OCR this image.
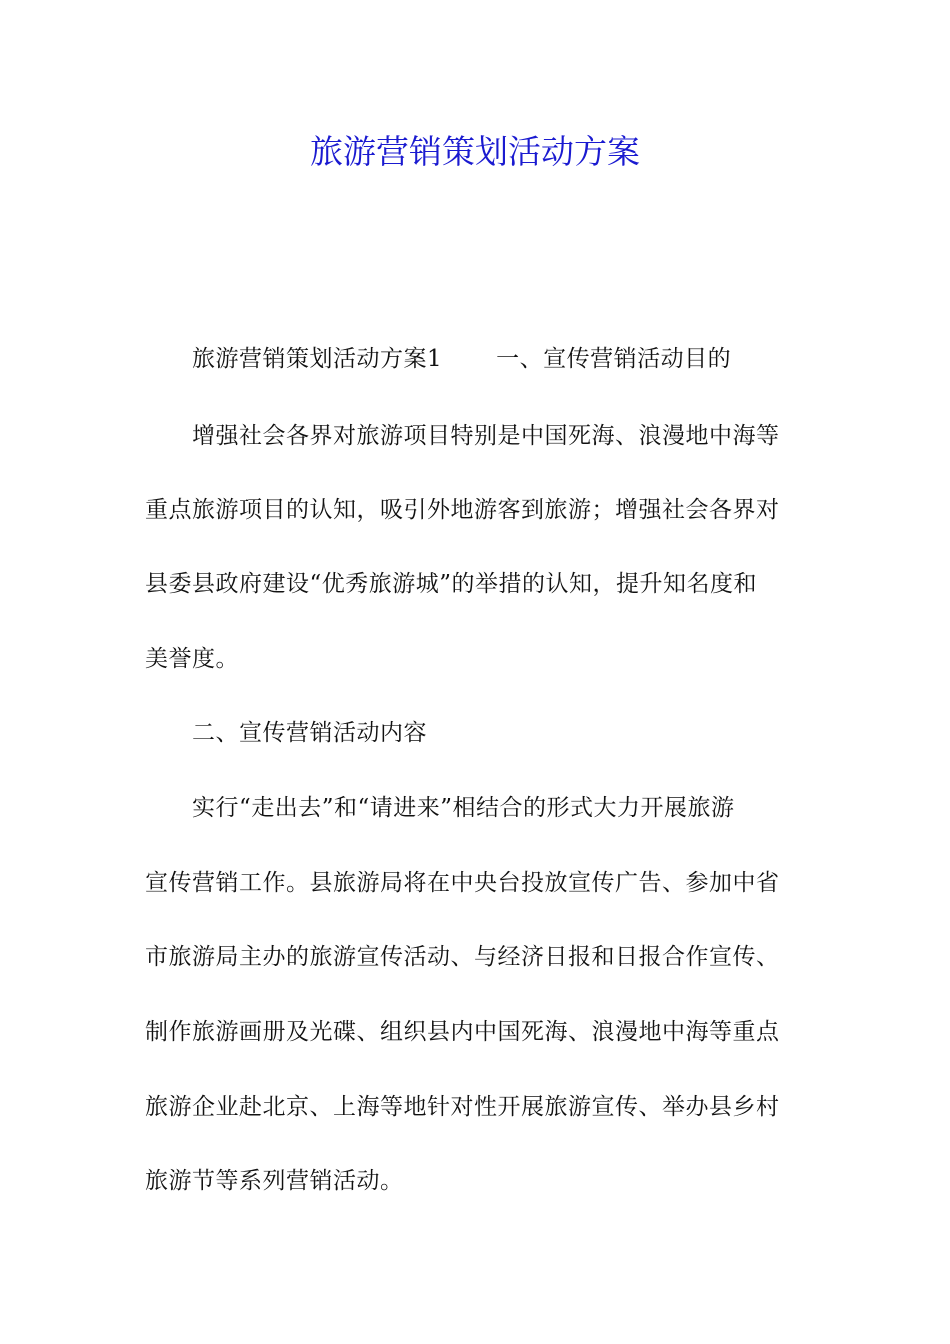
旅游营销策划活动方案
旅游营销策划活动方案1 一、宣传营销活动目的
增强社会各界对旅游项目特别是中国死海、浪漫地中海等
重点旅游项目的认知，吸引外地游客到旅游；增强社会各界对
县委县政府建设“优秀旅游城”的举措的认知，提升知名度和
美誉度。
二、宣传营销活动内容
实行“走出去”和“请进来”相结合的形式大力开展旅游
宣传营销工作。县旅游局将在中央台投放宣传广告、参加中省
市旅游局主办的旅游宣传活动、与经济日报和日报合作宣传、
制作旅游画册及光碟、组织县内中国死海、浪漫地中海等重点
旅游企业赴北京、上海等地针对性开展旅游宣传、举办县乡村
旅游节等系列营销活动。
